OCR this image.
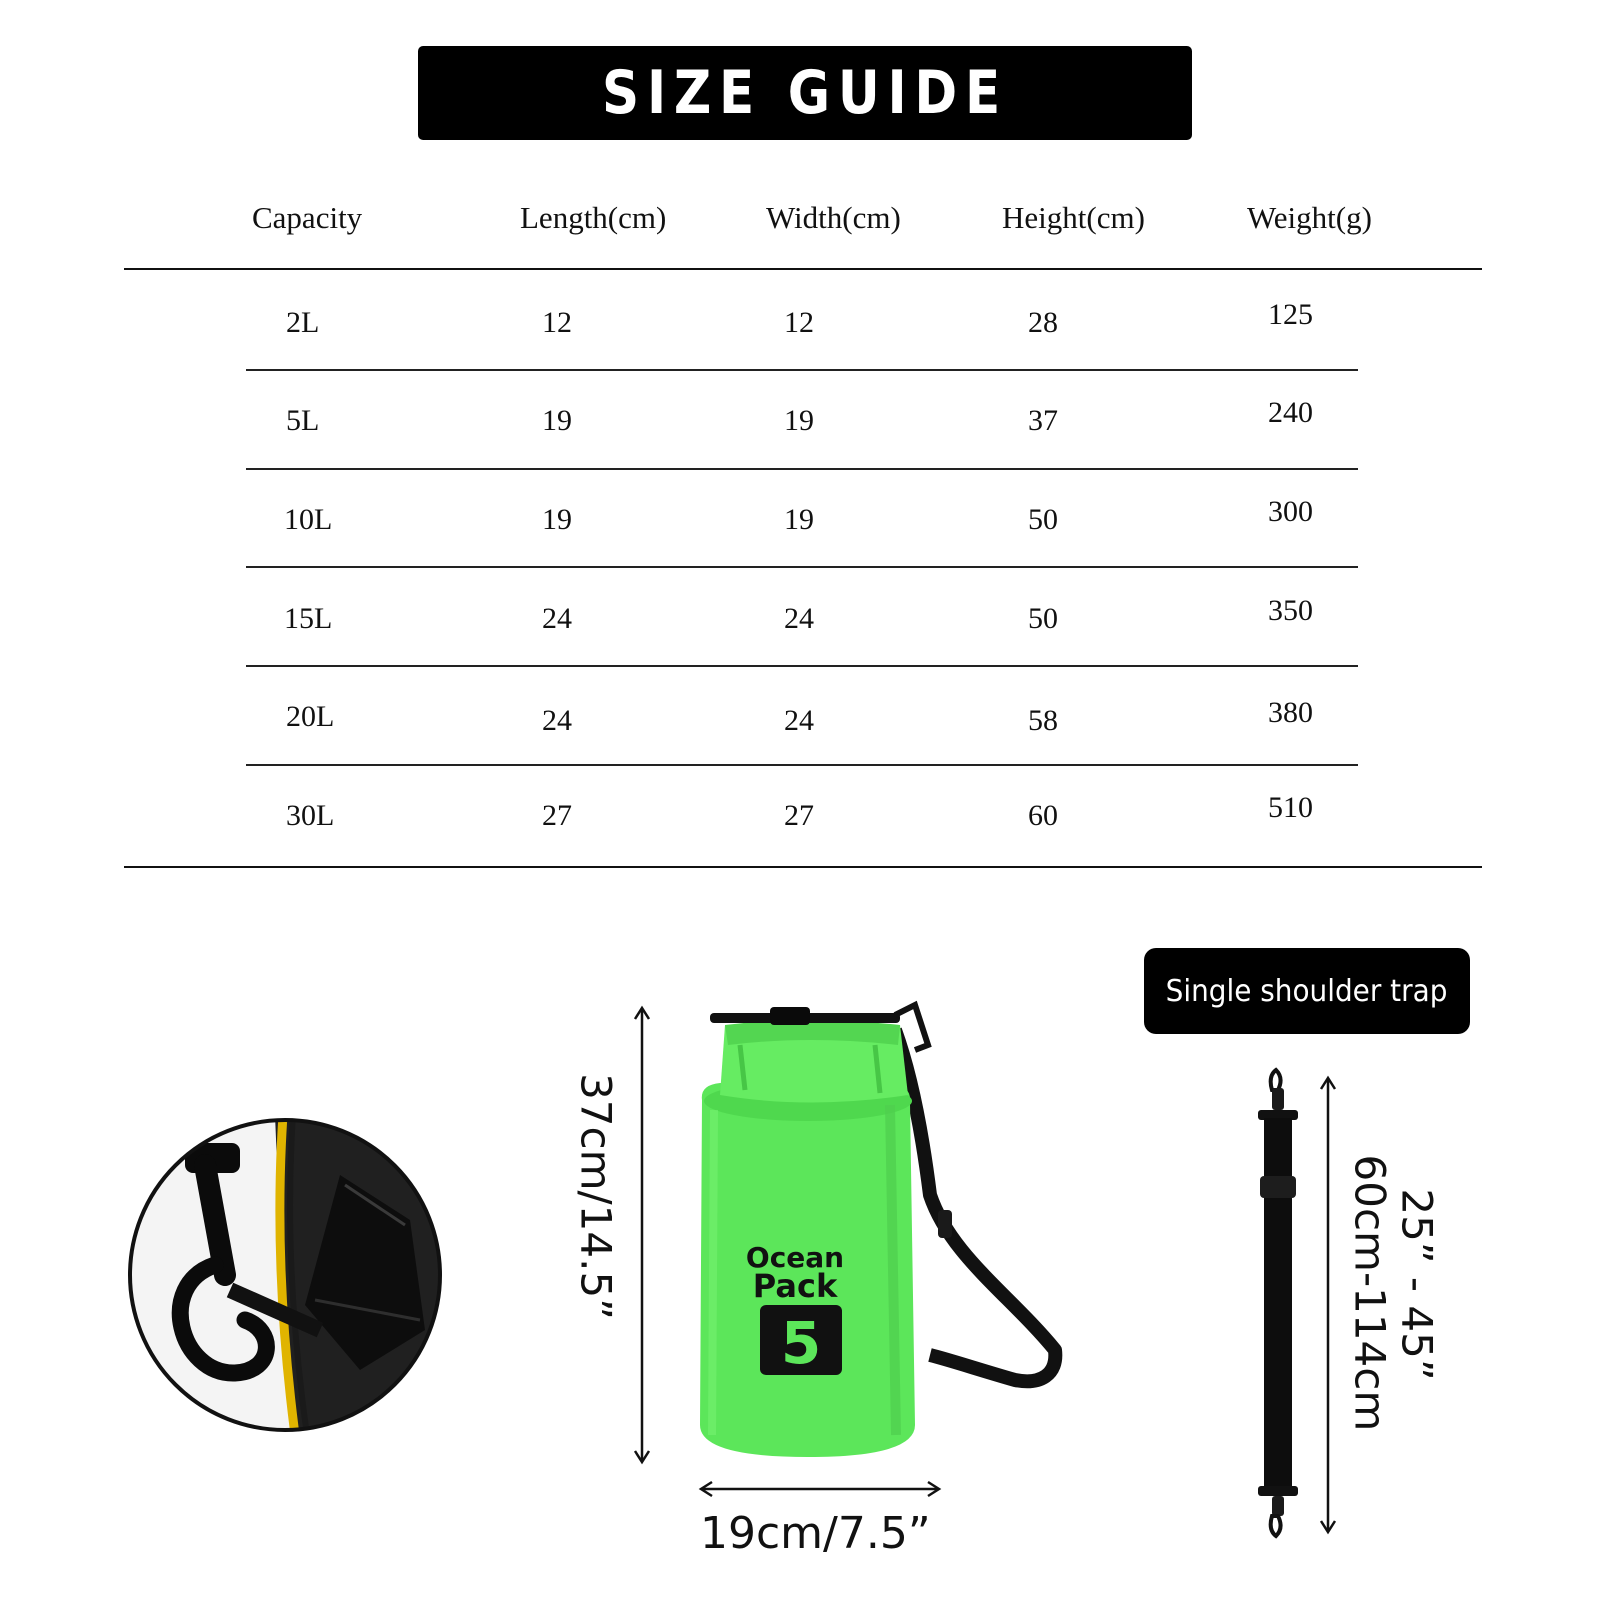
SIZE GUIDE
Capacity	Length(cm)	Width(cm)	Height(cm)	Weight(g)
2L	12	12	28	125
5L	19	19	37	240
10L	19	19	50	300
15L	24	24	50	350
20L	24	24	58	380
30L	27	27	60	510
37cm/14.5”	Ocean
Pack
5
19cm/7.5”
Single shoulder trap
60cm-114cm
25” - 45”
